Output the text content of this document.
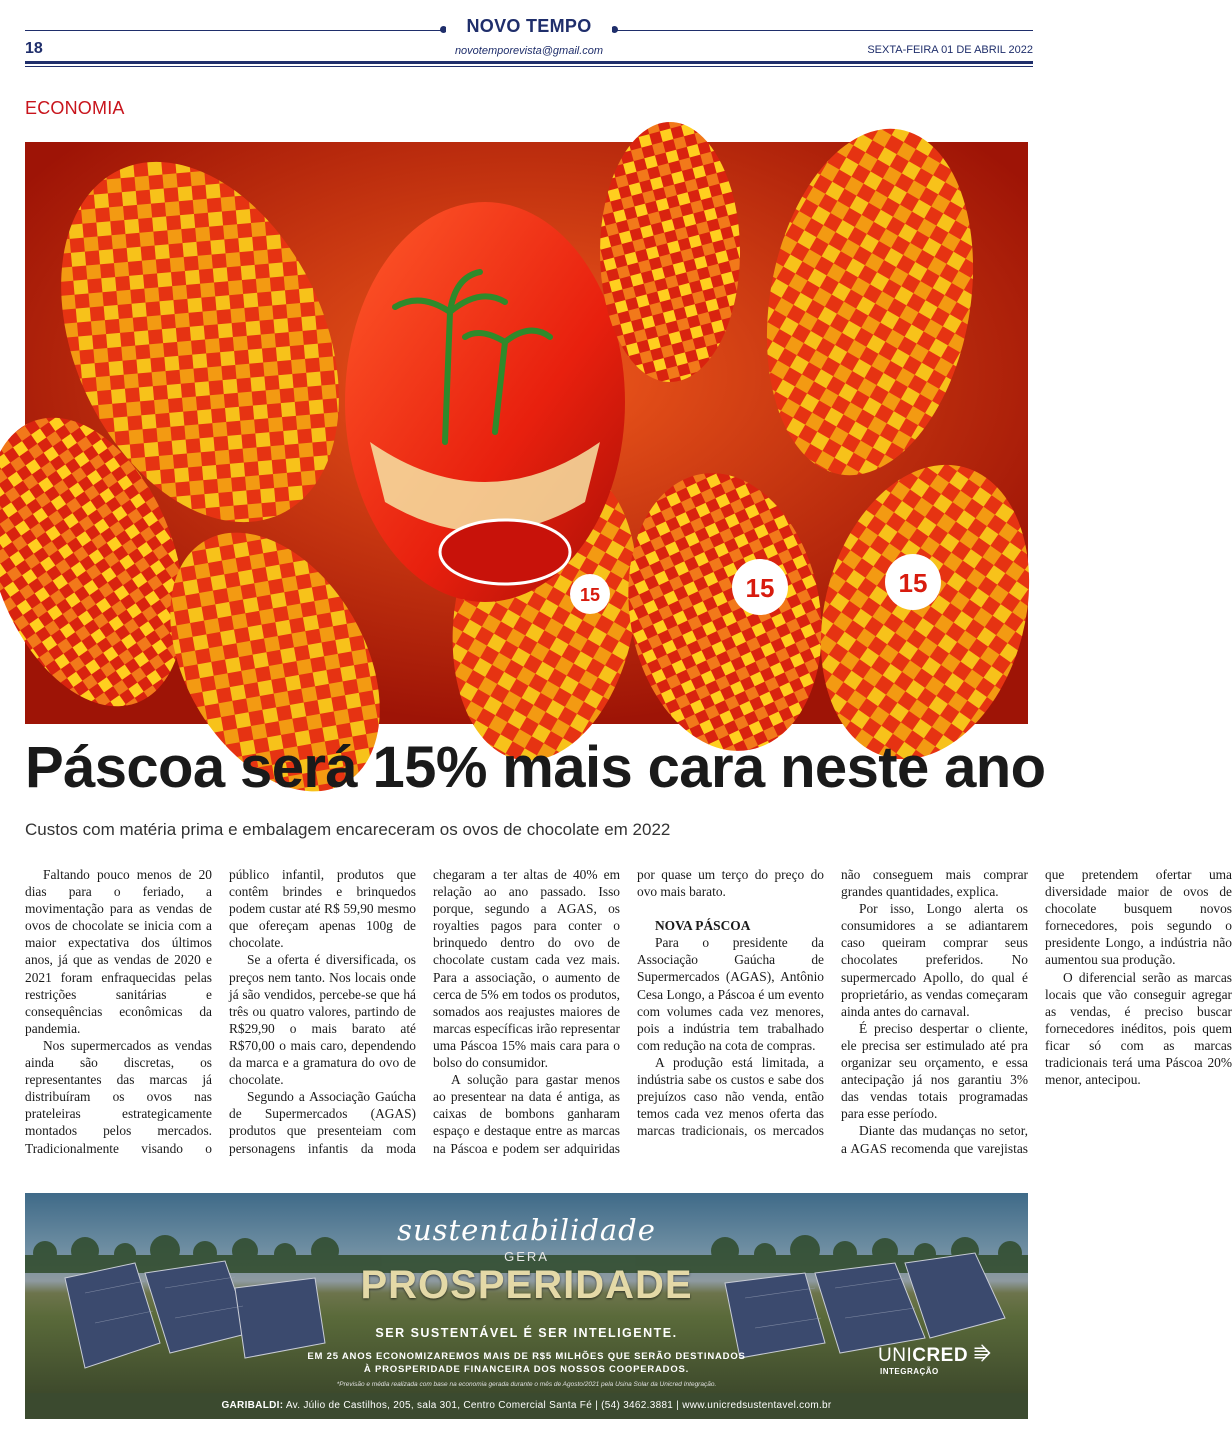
NOVO TEMPO
18	novotemporevista@gmail.com	SEXTA-FEIRA 01 DE ABRIL 2022
ECONOMIA
15	15
15
Páscoa será 15% mais cara neste ano
Custos com matéria prima e embalagem encareceram os ovos de chocolate em 2022

Faltando pouco menos de 20 dias para o feriado, a movimentação para as vendas de ovos de chocolate se inicia com a maior expectativa dos últimos anos, já que as vendas de 2020 e 2021 foram enfraquecidas pelas restrições sanitárias e consequências econômicas da pandemia.

Nos supermercados as vendas ainda são discretas, os representantes das marcas já distribuíram os ovos nas prateleiras estrategicamente montados pelos mercados. Tradicionalmente visando o público infantil, produtos que contêm brindes e brinquedos podem custar até R$ 59,90 mesmo que ofereçam apenas 100g de chocolate.

Se a oferta é diversificada, os preços nem tanto. Nos locais onde já são vendidos, percebe-se que há três ou quatro valores, partindo de R$29,90 o mais barato até R$70,00 o mais caro, dependendo da marca e a gramatura do ovo de chocolate.

Segundo a Associação Gaúcha de Supermercados (AGAS) produtos que presenteiam com personagens infantis da moda chegaram a ter altas de 40% em relação ao ano passado. Isso porque, segundo a AGAS, os royalties pagos para conter o brinquedo dentro do ovo de chocolate custam cada vez mais. Para a associação, o aumento de cerca de 5% em todos os produtos, somados aos reajustes maiores de marcas específicas irão representar uma Páscoa 15% mais cara para o bolso do consumidor.

A solução para gastar menos ao presentear na data é antiga, as caixas de bombons ganharam espaço e destaque entre as marcas na Páscoa e podem ser adquiridas por quase um terço do preço do ovo mais barato.

NOVA PÁSCOA

Para o presidente da Associação Gaúcha de Supermercados (AGAS), Antônio Cesa Longo, a Páscoa é um evento com volumes cada vez menores, pois a indústria tem trabalhado com redução na cota de compras.

A produção está limitada, a indústria sabe os custos e sabe dos prejuízos caso não venda, então temos cada vez menos oferta das marcas tradicionais, os mercados não conseguem mais comprar grandes quantidades, explica.

Por isso, Longo alerta os consumidores a se adiantarem caso queiram comprar seus chocolates preferidos. No supermercado Apollo, do qual é proprietário, as vendas começaram ainda antes do carnaval.

É preciso despertar o cliente, ele precisa ser estimulado até pra organizar seu orçamento, e essa antecipação já nos garantiu 3% das vendas totais programadas para esse período.

Diante das mudanças no setor, a AGAS recomenda que varejistas que pretendem ofertar uma diversidade maior de ovos de chocolate busquem novos fornecedores, pois segundo o presidente Longo, a indústria não aumentou sua produção.

O diferencial serão as marcas locais que vão conseguir agregar as vendas, é preciso buscar fornecedores inéditos, pois quem ficar só com as marcas tradicionais terá uma Páscoa 20% menor, antecipou.

sustentabilidade
GERA
PROSPERIDADE
SER SUSTENTÁVEL É SER INTELIGENTE.
EM 25 ANOS ECONOMIZAREMOS MAIS DE R$5 MILHÕES QUE SERÃO DESTINADOS
À PROSPERIDADE FINANCEIRA DOS NOSSOS COOPERADOS.
*Previsão e média realizada com base na economia gerada durante o mês de Agosto/2021 pela Usina Solar da Unicred Integração.
UNICRED ⭆
INTEGRAÇÃO
GARIBALDI: Av. Júlio de Castilhos, 205, sala 301, Centro Comercial Santa Fé | (54) 3462.3881 | www.unicredsustentavel.com.br
